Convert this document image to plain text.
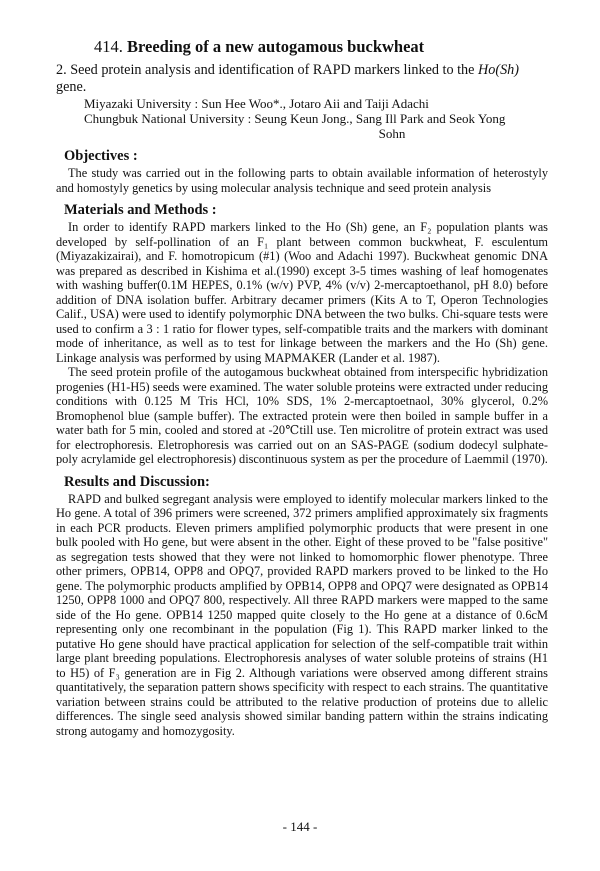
414. Breeding of a new autogamous buckwheat
2. Seed protein analysis and identification of RAPD markers linked to the Ho(Sh) gene.
Miyazaki University : Sun Hee Woo*., Jotaro Aii and Taiji Adachi
Chungbuk National University : Seung Keun Jong., Sang Ill Park and Seok Yong
Sohn
Objectives :

The study was carried out in the following parts to obtain available information of heterostyly and homostyly genetics by using molecular analysis technique and seed protein analysis

Materials and Methods :

In order to identify RAPD markers linked to the Ho (Sh) gene, an F₂ population plants was developed by self-pollination of an F₁ plant between common buckwheat, F. esculentum (Miyazakizairai), and F. homotropicum (#1) (Woo and Adachi 1997). Buckwheat genomic DNA was prepared as described in Kishima et al.(1990) except 3-5 times washing of leaf homogenates with washing buffer(0.1M HEPES, 0.1% (w/v) PVP, 4% (v/v) 2-mercaptoethanol, pH 8.0) before addition of DNA isolation buffer. Arbitrary decamer primers (Kits A to T, Operon Technologies Calif., USA) were used to identify polymorphic DNA between the two bulks. Chi-square tests were used to confirm a 3 : 1 ratio for flower types, self-compatible traits and the markers with dominant mode of inheritance, as well as to test for linkage between the markers and the Ho (Sh) gene. Linkage analysis was performed by using MAPMAKER (Lander et al. 1987).

The seed protein profile of the autogamous buckwheat obtained from interspecific hybridization progenies (H1-H5) seeds were examined. The water soluble proteins were extracted under reducing conditions with 0.125 M Tris HCl, 10% SDS, 1% 2-mercaptoetnaol, 30% glycerol, 0.2% Bromophenol blue (sample buffer). The extracted protein were then boiled in sample buffer in a water bath for 5 min, cooled and stored at -20℃till use. Ten microlitre of protein extract was used for electrophoresis. Eletrophoresis was carried out on an SAS-PAGE (sodium dodecyl sulphate-poly acrylamide gel electrophoresis) discontinuous system as per the procedure of Laemmil (1970).

Results and Discussion:

RAPD and bulked segregant analysis were employed to identify molecular markers linked to the Ho gene. A total of 396 primers were screened, 372 primers amplified approximately six fragments in each PCR products. Eleven primers amplified polymorphic products that were present in one bulk pooled with Ho gene, but were absent in the other. Eight of these proved to be "false positive" as segregation tests showed that they were not linked to homomorphic flower phenotype. Three other primers, OPB14, OPP8 and OPQ7, provided RAPD markers proved to be linked to the Ho gene. The polymorphic products amplified by OPB14, OPP8 and OPQ7 were designated as OPB14 1250, OPP8 1000 and OPQ7 800, respectively. All three RAPD markers were mapped to the same side of the Ho gene. OPB14 1250 mapped quite closely to the Ho gene at a distance of 0.6cM representing only one recombinant in the population (Fig 1). This RAPD marker linked to the putative Ho gene should have practical application for selection of the self-compatible trait within large plant breeding populations. Electrophoresis analyses of water soluble proteins of strains (H1 to H5) of F₃ generation are in Fig 2. Although variations were observed among different strains quantitatively, the separation pattern shows specificity with respect to each strains. The quantitative variation between strains could be attributed to the relative production of proteins due to allelic differences. The single seed analysis showed similar banding pattern within the strains indicating strong autogamy and homozygosity.

- 144 -
